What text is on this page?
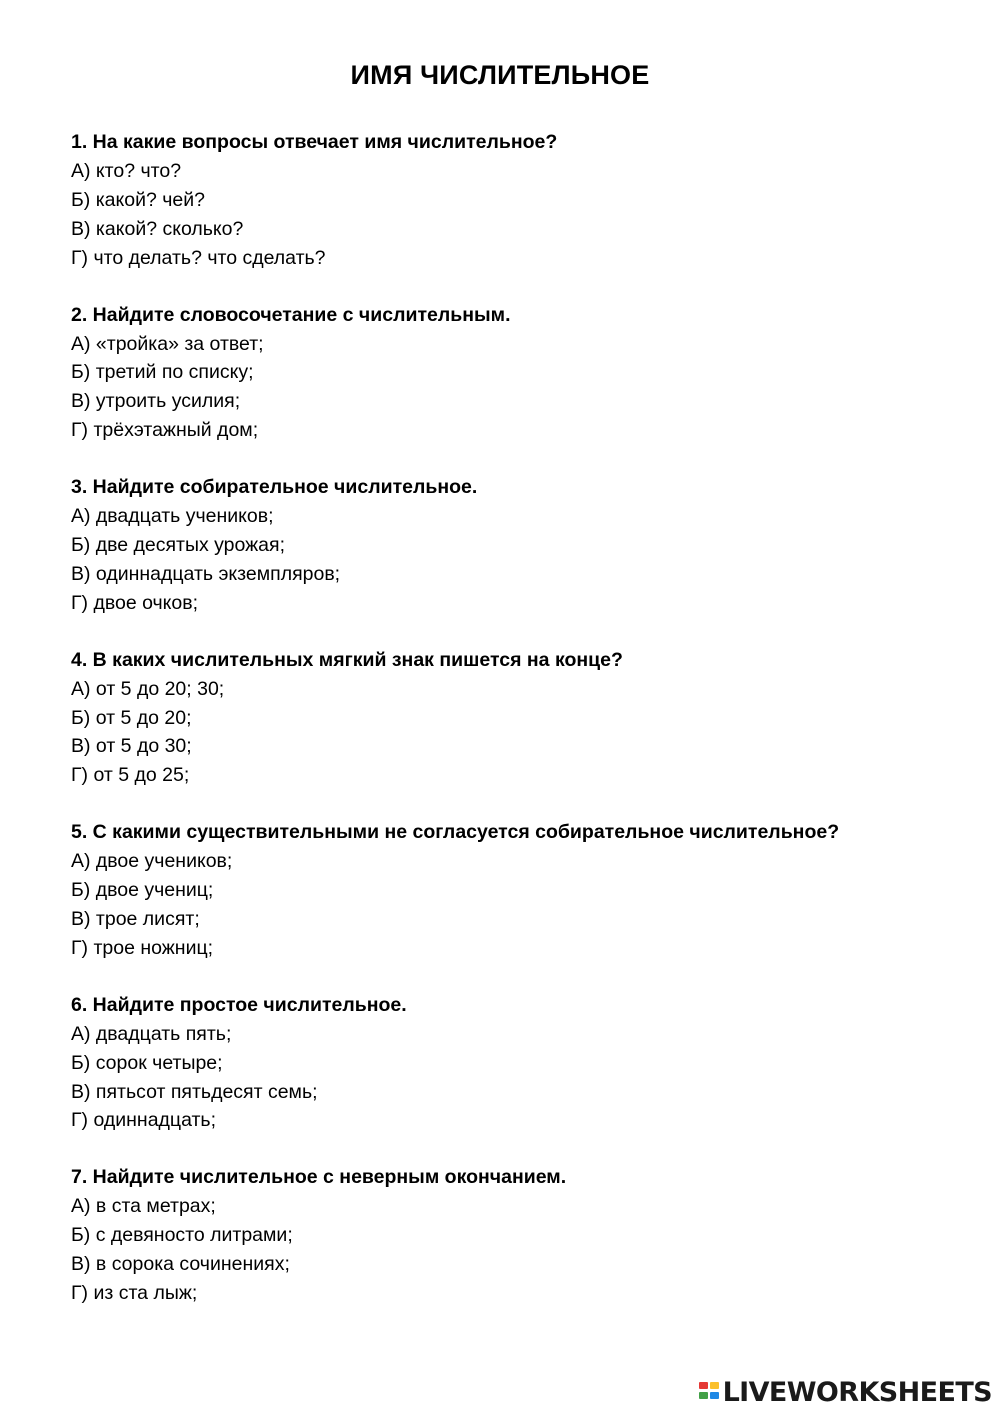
ИМЯ ЧИСЛИТЕЛЬНОЕ
1. На какие вопросы отвечает имя числительное?
А) кто? что?
Б) какой? чей?
В) какой? сколько?
Г) что делать? что сделать?
2. Найдите словосочетание с числительным.
А) «тройка» за ответ;
Б) третий по списку;
В) утроить усилия;
Г) трёхэтажный дом;
3. Найдите собирательное числительное.
А) двадцать учеников;
Б) две десятых урожая;
В) одиннадцать экземпляров;
Г) двое очков;
4. В каких числительных мягкий знак пишется на конце?
А) от 5 до 20; 30;
Б) от 5 до 20;
В) от 5 до 30;
Г) от 5 до 25;
5. С какими существительными не согласуется собирательное числительное?
А) двое учеников;
Б) двое учениц;
В) трое лисят;
Г) трое ножниц;
6. Найдите простое числительное.
А) двадцать пять;
Б) сорок четыре;
В) пятьсот пятьдесят семь;
Г) одиннадцать;
7. Найдите числительное с неверным окончанием.
А) в ста метрах;
Б) с девяносто литрами;
В) в сорока сочинениях;
Г) из ста лыж;
LIVEWORKSHEETS
